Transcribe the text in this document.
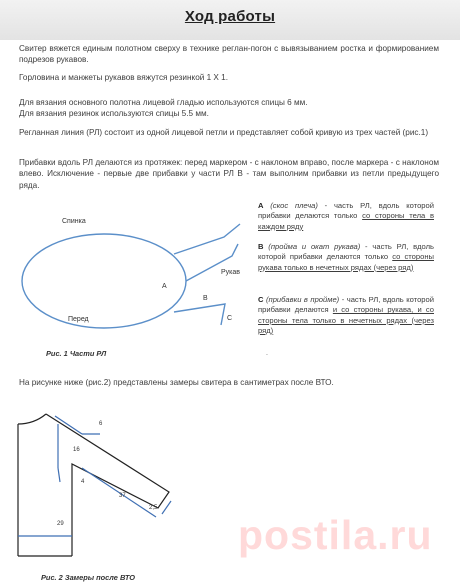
Ход работы
Свитер вяжется единым полотном сверху в технике реглан-погон с вывязыванием ростка и формированием подрезов рукавов.
Горловина и манжеты рукавов вяжутся резинкой 1 Х 1.
Для вязания основного полотна лицевой гладью используются спицы 6 мм.
Для вязания резинок используются спицы 5.5 мм.
Регланная линия (РЛ) состоит из одной лицевой петли и представляет собой кривую из трех частей (рис.1)
Прибавки вдоль РЛ делаются из протяжек: перед маркером - с наклоном вправо, после маркера - с наклоном влево. Исключение - первые две прибавки у части РЛ В - там выполним прибавки из петли предыдущего ряда.
Спинка
Перед
Рукав
А
В
С
Рис. 1 Части РЛ
А (скос плеча) - часть РЛ, вдоль которой прибавки делаются только со стороны тела в каждом ряду
В (пройма и окат рукава) - часть РЛ, вдоль которой прибавки делаются только со стороны рукава только в нечетных рядах (через ряд)
С (прибавки в пройме) - часть РЛ, вдоль которой прибавки делаются и со стороны рукава, и со стороны тела только в нечетных рядах (через ряд)
.
На рисунке ниже (рис.2) представлены замеры свитера в сантиметрах после ВТО.
6
16
4
37
2,5
29
Рис. 2 Замеры после ВТО
postila.ru
